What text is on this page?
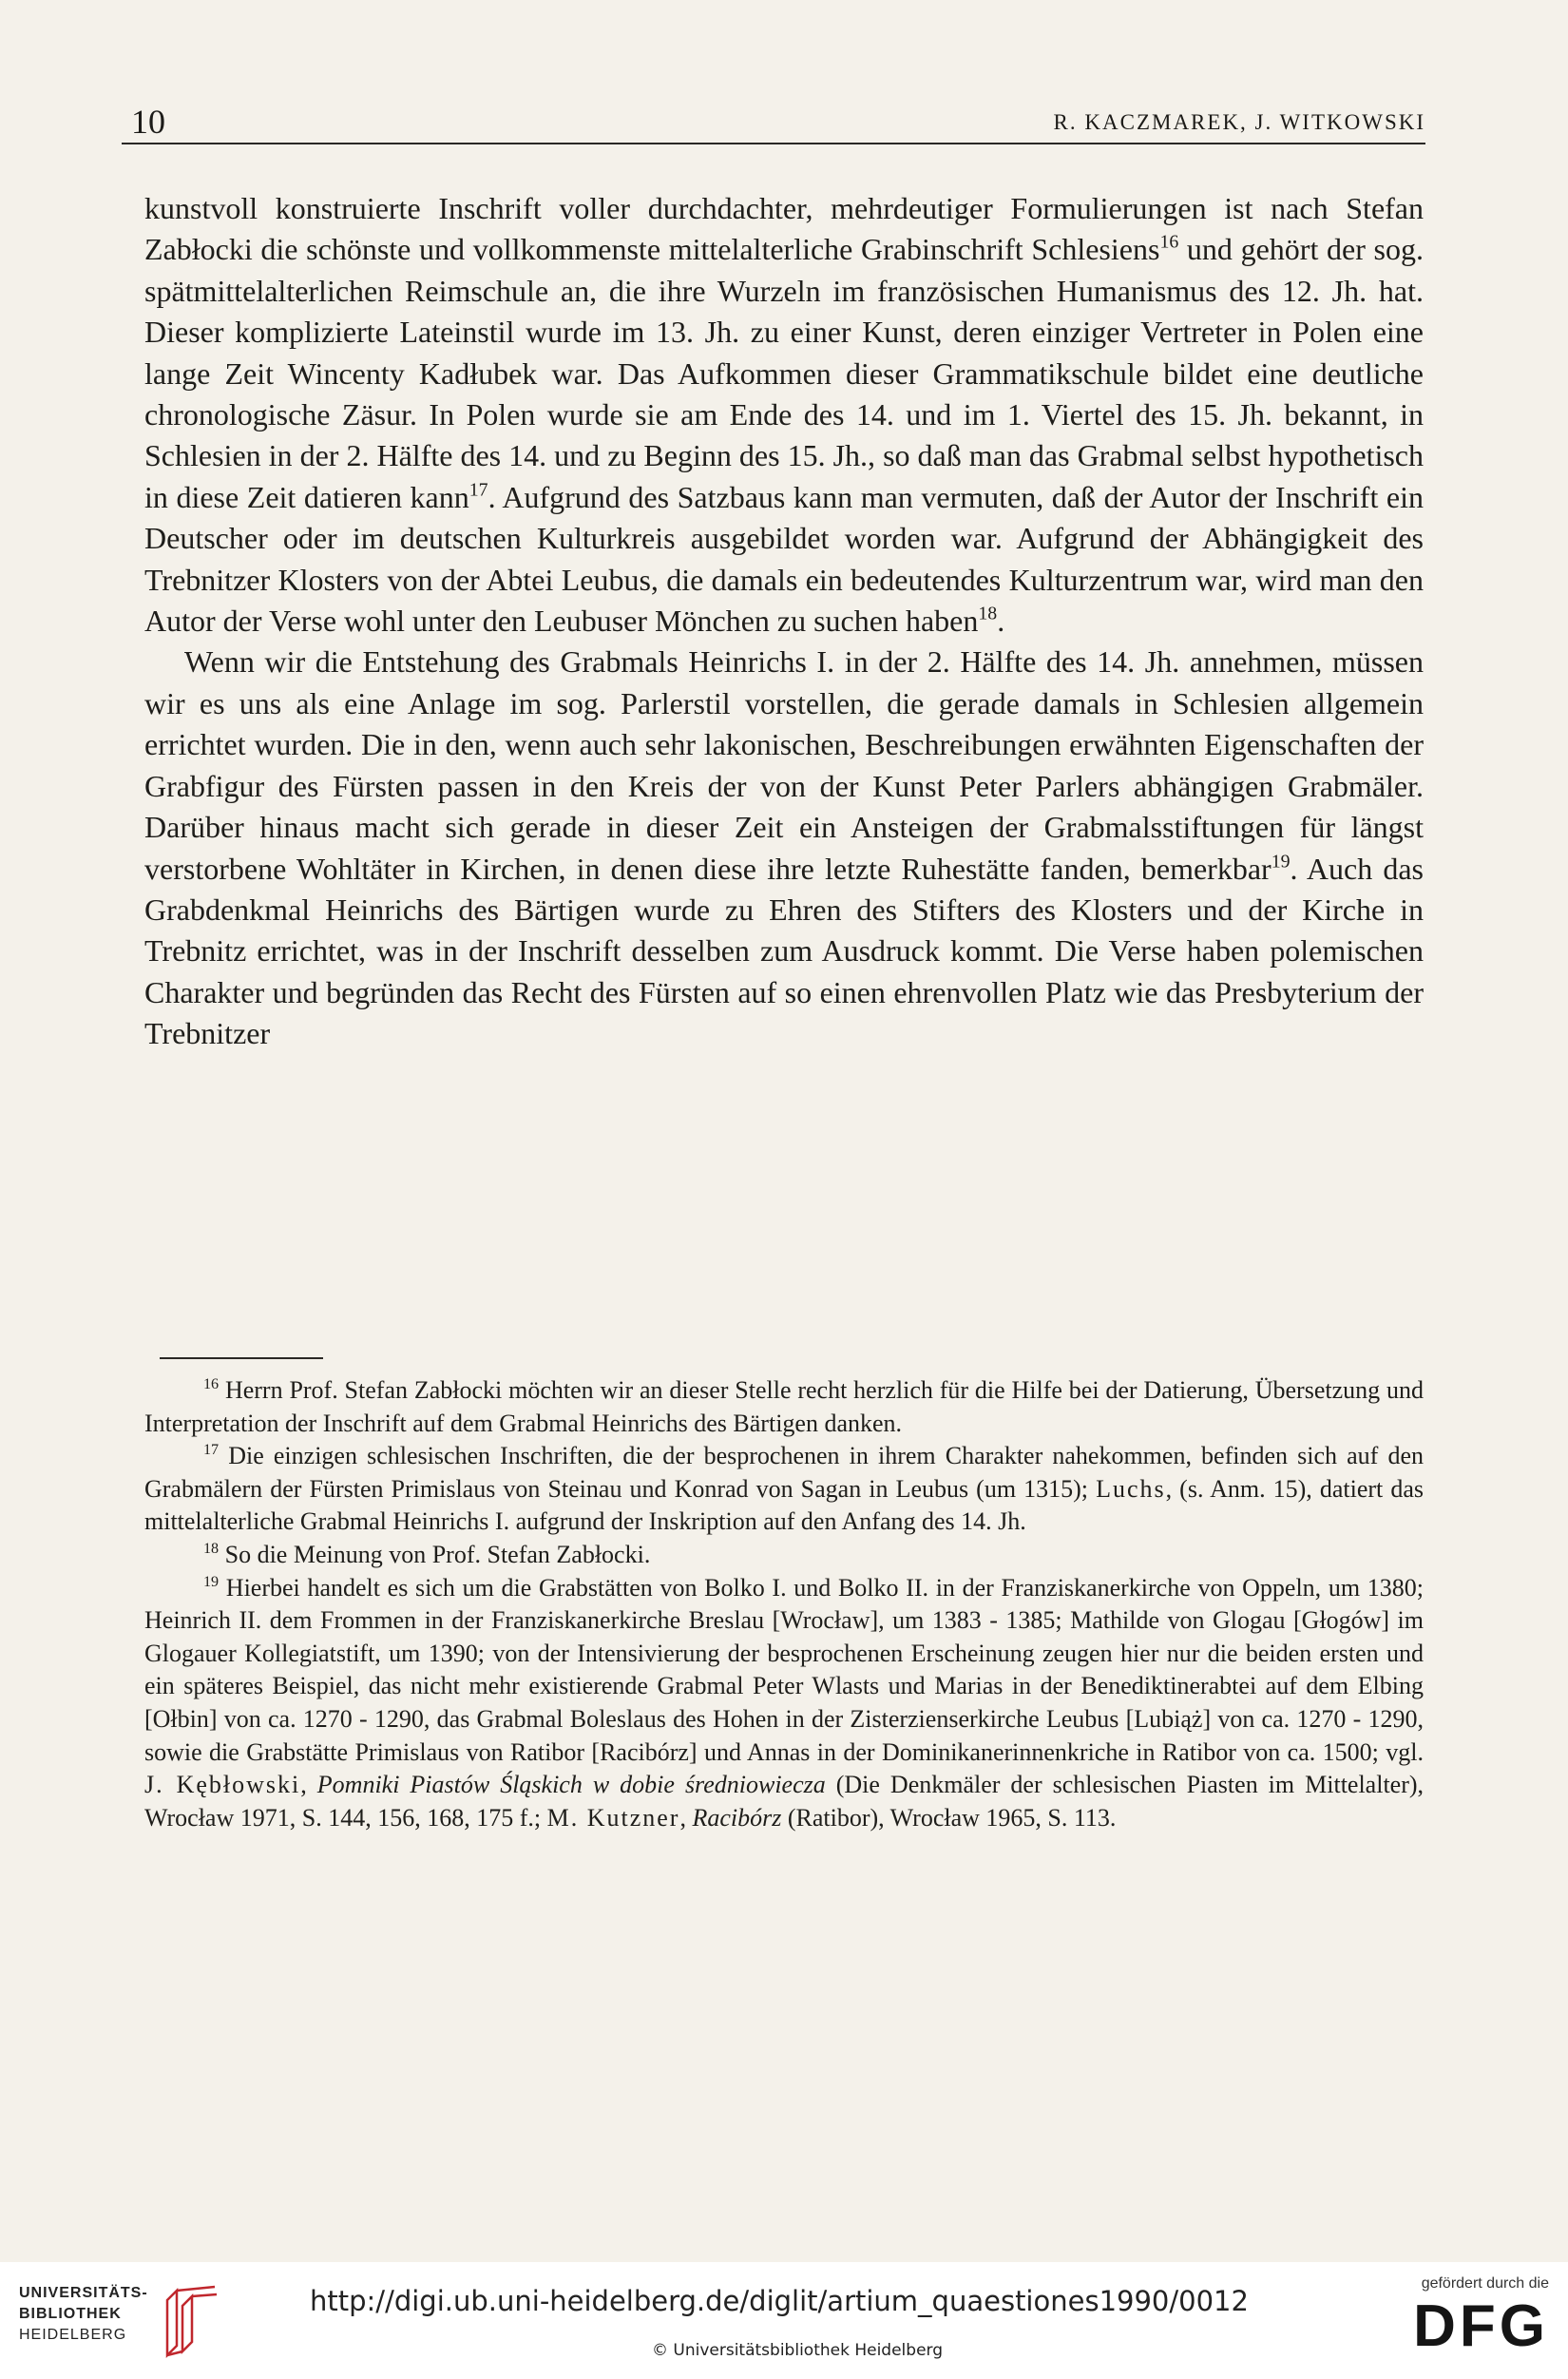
10	R. KACZMAREK, J. WITKOWSKI

kunstvoll konstruierte Inschrift voller durchdachter, mehrdeutiger Formulierungen ist nach Stefan Zabłocki die schönste und vollkommenste mittelalterliche Grabinschrift Schlesiens$^{16}$ und gehört der sog. spätmittelalterlichen Reimschule an, die ihre Wurzeln im französischen Humanismus des 12. Jh. hat. Dieser komplizierte Lateinstil wurde im 13. Jh. zu einer Kunst, deren einziger Vertreter in Polen eine lange Zeit Wincenty Kadłubek war. Das Aufkommen dieser Grammatikschule bildet eine deutliche chronologische Zäsur. In Polen wurde sie am Ende des 14. und im 1. Viertel des 15. Jh. bekannt, in Schlesien in der 2. Hälfte des 14. und zu Beginn des 15. Jh., so daß man das Grabmal selbst hypothetisch in diese Zeit datieren kann$^{17}$. Aufgrund des Satzbaus kann man vermuten, daß der Autor der Inschrift ein Deutscher oder im deutschen Kulturkreis ausgebildet worden war. Aufgrund der Abhängigkeit des Trebnitzer Klosters von der Abtei Leubus, die damals ein bedeutendes Kulturzentrum war, wird man den Autor der Verse wohl unter den Leubuser Mönchen zu suchen haben$^{18}$.

Wenn wir die Entstehung des Grabmals Heinrichs I. in der 2. Hälfte des 14. Jh. annehmen, müssen wir es uns als eine Anlage im sog. Parlerstil vorstellen, die gerade damals in Schlesien allgemein errichtet wurden. Die in den, wenn auch sehr lakonischen, Beschreibungen erwähnten Eigenschaften der Grabfigur des Fürsten passen in den Kreis der von der Kunst Peter Parlers abhängigen Grabmäler. Darüber hinaus macht sich gerade in dieser Zeit ein Ansteigen der Grabmalsstiftungen für längst verstorbene Wohltäter in Kirchen, in denen diese ihre letzte Ruhestätte fanden, bemerkbar$^{19}$. Auch das Grabdenkmal Heinrichs des Bärtigen wurde zu Ehren des Stifters des Klosters und der Kirche in Trebnitz errichtet, was in der Inschrift desselben zum Ausdruck kommt. Die Verse haben polemischen Charakter und begründen das Recht des Fürsten auf so einen ehrenvollen Platz wie das Presbyterium der Trebnitzer

$^{16}$ Herrn Prof. Stefan Zabłocki möchten wir an dieser Stelle recht herzlich für die Hilfe bei der Datierung, Übersetzung und Interpretation der Inschrift auf dem Grabmal Heinrichs des Bärtigen danken.

$^{17}$ Die einzigen schlesischen Inschriften, die der besprochenen in ihrem Charakter nahekommen, befinden sich auf den Grabmälern der Fürsten Primislaus von Steinau und Konrad von Sagan in Leubus (um 1315); Luchs, (s. Anm. 15), datiert das mittelalterliche Grabmal Heinrichs I. aufgrund der Inskription auf den Anfang des 14. Jh.

$^{18}$ So die Meinung von Prof. Stefan Zabłocki.

$^{19}$ Hierbei handelt es sich um die Grabstätten von Bolko I. und Bolko II. in der Franziskanerkirche von Oppeln, um 1380; Heinrich II. dem Frommen in der Franziskanerkirche Breslau [Wrocław], um 1383 - 1385; Mathilde von Glogau [Głogów] im Glogauer Kollegiatstift, um 1390; von der Intensivierung der besprochenen Erscheinung zeugen hier nur die beiden ersten und ein späteres Beispiel, das nicht mehr existierende Grabmal Peter Wlasts und Marias in der Benediktinerabtei auf dem Elbing [Ołbin] von ca. 1270 - 1290, das Grabmal Boleslaus des Hohen in der Zisterzienserkirche Leubus [Lubiąż] von ca. 1270 - 1290, sowie die Grabstätte Primislaus von Ratibor [Racibórz] und Annas in der Dominikanerinnenkriche in Ratibor von ca. 1500; vgl. J. Kębłowski, Pomniki Piastów Śląskich w dobie średniowiecza (Die Denkmäler der schlesischen Piasten im Mittelalter), Wrocław 1971, S. 144, 156, 168, 175 f.; M. Kutzner, Racibórz (Ratibor), Wrocław 1965, S. 113.

UNIVERSITÄTS-
BIBLIOTHEK
HEIDELBERG
http://digi.ub.uni-heidelberg.de/diglit/artium_quaestiones1990/0012
© Universitätsbibliothek Heidelberg
gefördert durch die
DFG
